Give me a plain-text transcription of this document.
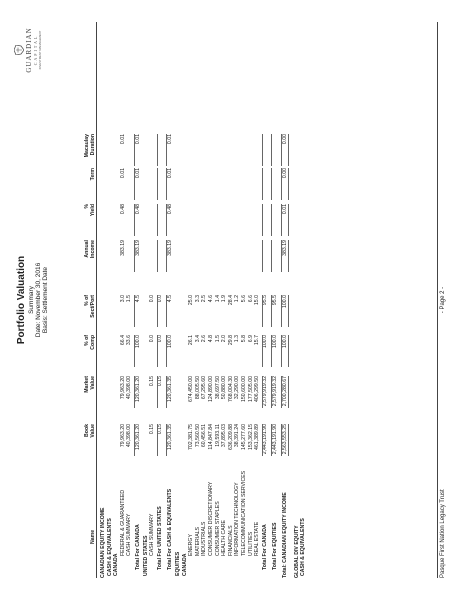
Portfolio Valuation Summary Date: November 30, 2016 Basis: Settlement Date
GUARDIAN CAPITAL INVESTMENT MANAGEMENT
Name
Book Value
Market Value
% of Comp
% of Sect/Port
Annual Income
% Yield
Term
Macaulay Duration
CANADIAN EQUITY INCOME CASH & EQUIVALENTS CANADA
FEDERAL & GUARANTEED
79,963.20
79,963.20
66.4
3.0
383.19
0.48
0.01
0.01
CASH SUMMARY
40,398.00
40,398.00
33.6
1.5
Total For CANADA
120,361.20
120,361.20
100.0
4.5
383.19
0.48
0.01
0.01
UNITED STATES CASH SUMMARY
0.15
0.15
0.0
0.0
Total For UNITED STATES
0.15
0.15
0.0
0.0
Total For CASH & EQUIVALENTS
120,361.35
120,361.35
100.0
4.5
383.19
0.48
0.01
0.01
EQUITIES CANADA
ENERGY
702,381.75
674,450.00
26.1
25.0
MATERIALS
73,560.50
88,005.50
3.4
3.3
INDUSTRIALS
60,456.51
67,295.60
2.6
2.5
CONSUMER DISCRETIONARY
114,847.84
124,890.00
4.8
4.6
CONSUMER STAPLES
19,593.11
38,697.50
1.5
1.4
HEALTH CARE
37,895.03
50,880.00
2.0
1.9
FINANCIALS
636,209.88
768,004.30
29.8
28.4
INFORMATION TECHNOLOGY
38,391.24
32,290.00
1.3
1.2
TELECOMMUNICATION SERVICES
145,277.60
150,600.00
5.8
5.6
UTILITIES
153,362.15
177,505.00
6.9
6.6
REAL ESTATE
461,389.89
406,299.50
15.7
15.0
Total For CANADA
2,443,191.90
2,579,919.32
100.0
95.5
Total For EQUITIES
2,443,191.90
2,579,919.32
100.0
95.5
Total: CANADIAN EQUITY INCOME
2,563,553.25
2,700,280.67
100.0
100.0
383.19
0.01
0.00
0.00
GLOBAL DIV EQUITY CASH & EQUIVALENTS	Pasque First Nation Legacy Trust
- Page 2 -
